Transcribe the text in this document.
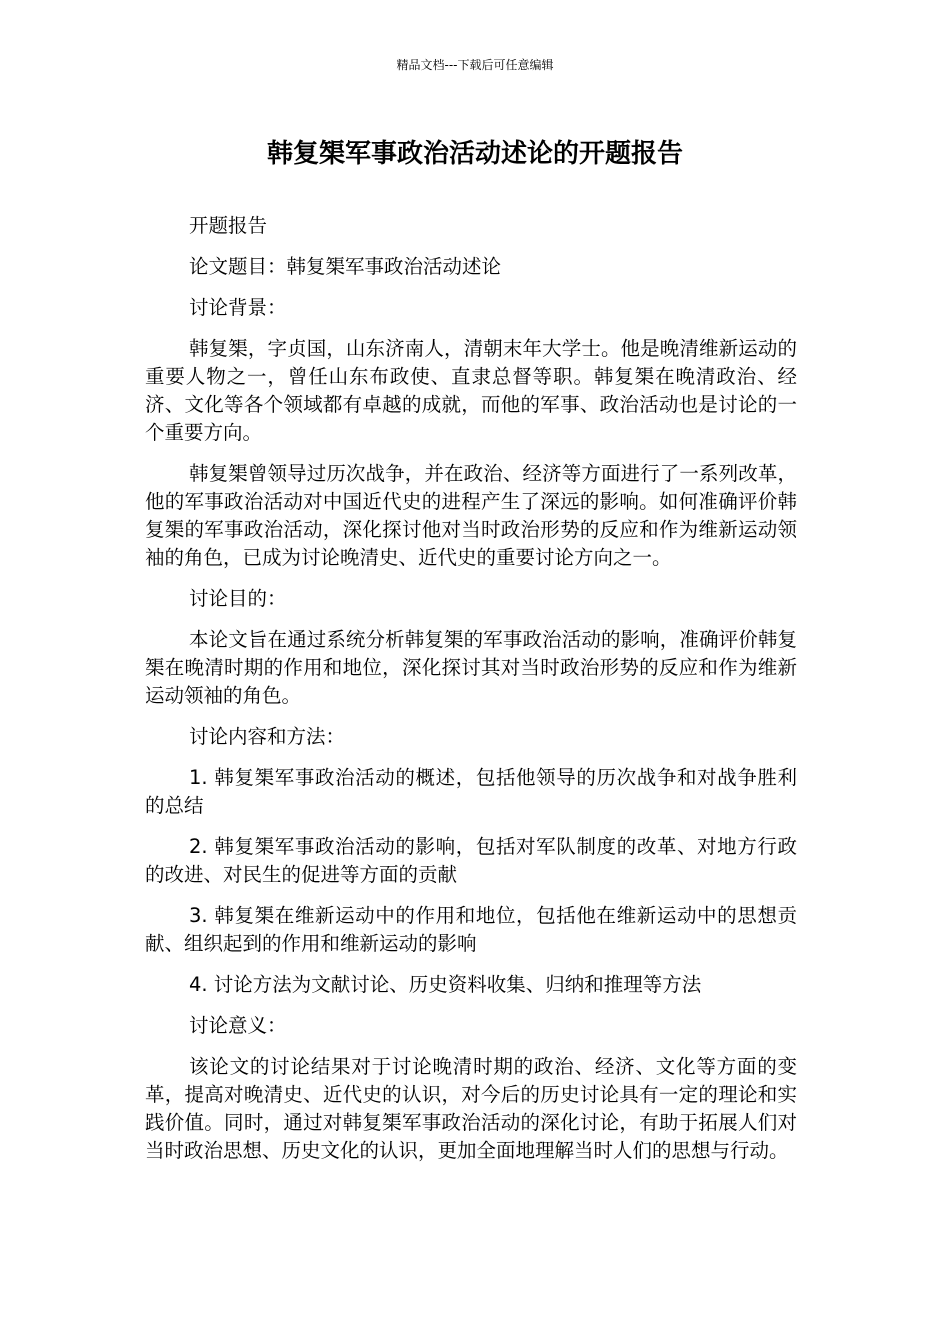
精品文档---下载后可任意编辑
韩复榘军事政治活动述论的开题报告

开题报告

论文题目：韩复榘军事政治活动述论

讨论背景：

韩复榘，字贞国，山东济南人，清朝末年大学士。他是晚清维新运动的重要人物之一，曾任山东布政使、直隶总督等职。韩复榘在晚清政治、经济、文化等各个领域都有卓越的成就，而他的军事、政治活动也是讨论的一个重要方向。

韩复榘曾领导过历次战争，并在政治、经济等方面进行了一系列改革，他的军事政治活动对中国近代史的进程产生了深远的影响。如何准确评价韩复榘的军事政治活动，深化探讨他对当时政治形势的反应和作为维新运动领袖的角色，已成为讨论晚清史、近代史的重要讨论方向之一。

讨论目的：

本论文旨在通过系统分析韩复榘的军事政治活动的影响，准确评价韩复榘在晚清时期的作用和地位，深化探讨其对当时政治形势的反应和作为维新运动领袖的角色。

讨论内容和方法：

1. 韩复榘军事政治活动的概述，包括他领导的历次战争和对战争胜利的总结

2. 韩复榘军事政治活动的影响，包括对军队制度的改革、对地方行政的改进、对民生的促进等方面的贡献

3. 韩复榘在维新运动中的作用和地位，包括他在维新运动中的思想贡献、组织起到的作用和维新运动的影响

4. 讨论方法为文献讨论、历史资料收集、归纳和推理等方法

讨论意义：

该论文的讨论结果对于讨论晚清时期的政治、经济、文化等方面的变革，提高对晚清史、近代史的认识，对今后的历史讨论具有一定的理论和实践价值。同时，通过对韩复榘军事政治活动的深化讨论，有助于拓展人们对当时政治思想、历史文化的认识，更加全面地理解当时人们的思想与行动。
